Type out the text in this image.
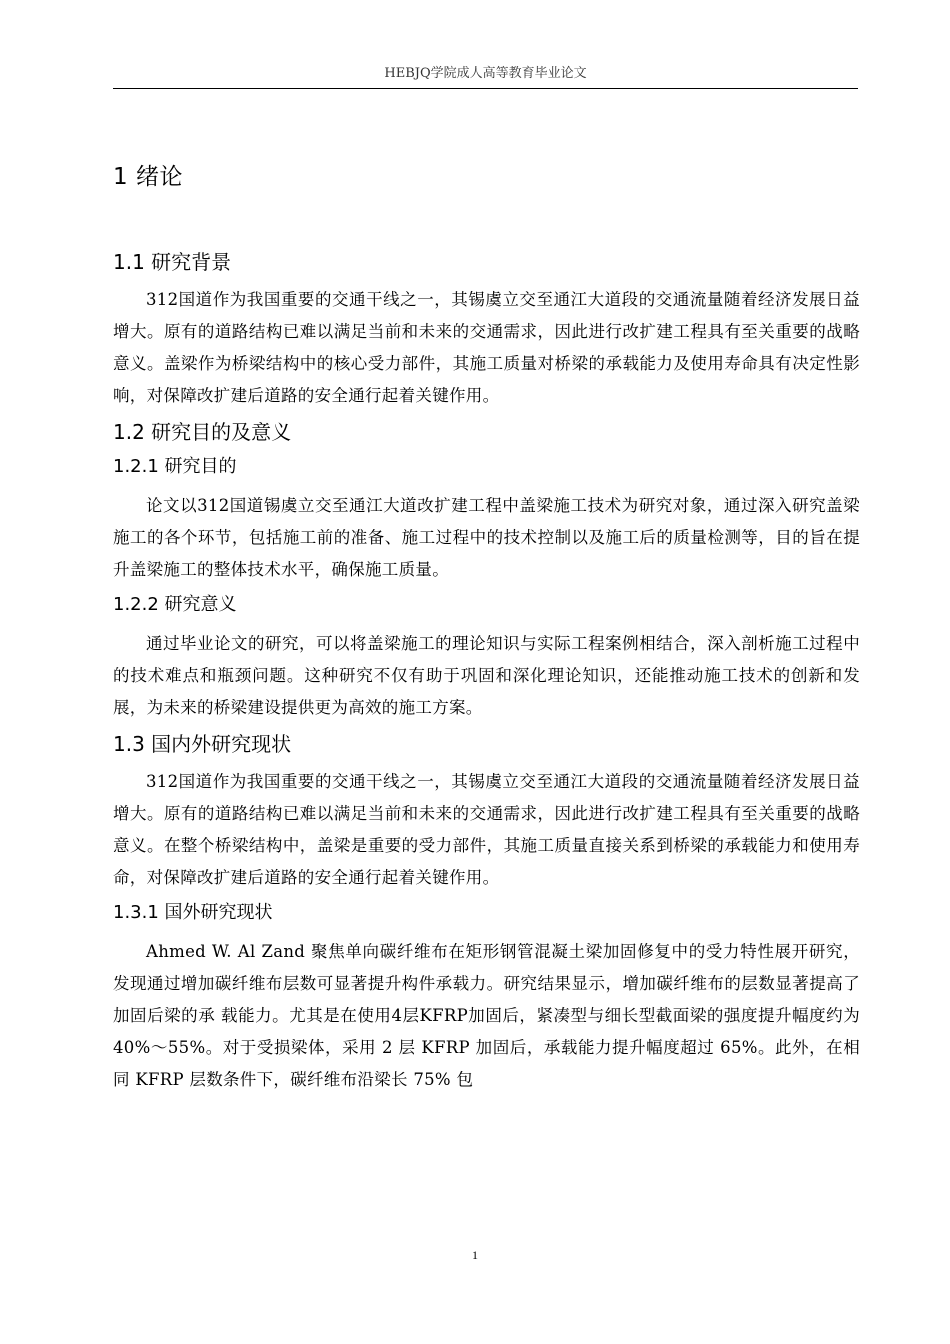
HEBJQ学院成人高等教育毕业论文
1 绪论
1.1 研究背景

312国道作为我国重要的交通干线之一，其锡虞立交至通江大道段的交通流量随着经济发展日益增大。原有的道路结构已难以满足当前和未来的交通需求，因此进行改扩建工程具有至关重要的战略意义。盖梁作为桥梁结构中的核心受力部件，其施工质量对桥梁的承载能力及使用寿命具有决定性影响，对保障改扩建后道路的安全通行起着关键作用。

1.2 研究目的及意义
1.2.1 研究目的

论文以312国道锡虞立交至通江大道改扩建工程中盖梁施工技术为研究对象，通过深入研究盖梁施工的各个环节，包括施工前的准备、施工过程中的技术控制以及施工后的质量检测等，目的旨在提升盖梁施工的整体技术水平，确保施工质量。

1.2.2 研究意义

通过毕业论文的研究，可以将盖梁施工的理论知识与实际工程案例相结合，深入剖析施工过程中的技术难点和瓶颈问题。这种研究不仅有助于巩固和深化理论知识，还能推动施工技术的创新和发展，为未来的桥梁建设提供更为高效的施工方案。

1.3 国内外研究现状

312国道作为我国重要的交通干线之一，其锡虞立交至通江大道段的交通流量随着经济发展日益增大。原有的道路结构已难以满足当前和未来的交通需求，因此进行改扩建工程具有至关重要的战略意义。在整个桥梁结构中，盖梁是重要的受力部件，其施工质量直接关系到桥梁的承载能力和使用寿命，对保障改扩建后道路的安全通行起着关键作用。

1.3.1 国外研究现状

Ahmed W. Al Zand 聚焦单向碳纤维布在矩形钢管混凝土梁加固修复中的受力特性展开研究，发现通过增加碳纤维布层数可显著提升构件承载力。研究结果显示，增加碳纤维布的层数显著提高了加固后梁的承 载能力。尤其是在使用4层KFRP加固后，紧凑型与细长型截面梁的强度提升幅度约为 40%～55%。对于受损梁体，采用 2 层 KFRP 加固后，承载能力提升幅度超过 65%。此外，在相同 KFRP 层数条件下，碳纤维布沿梁长 75% 包

1
